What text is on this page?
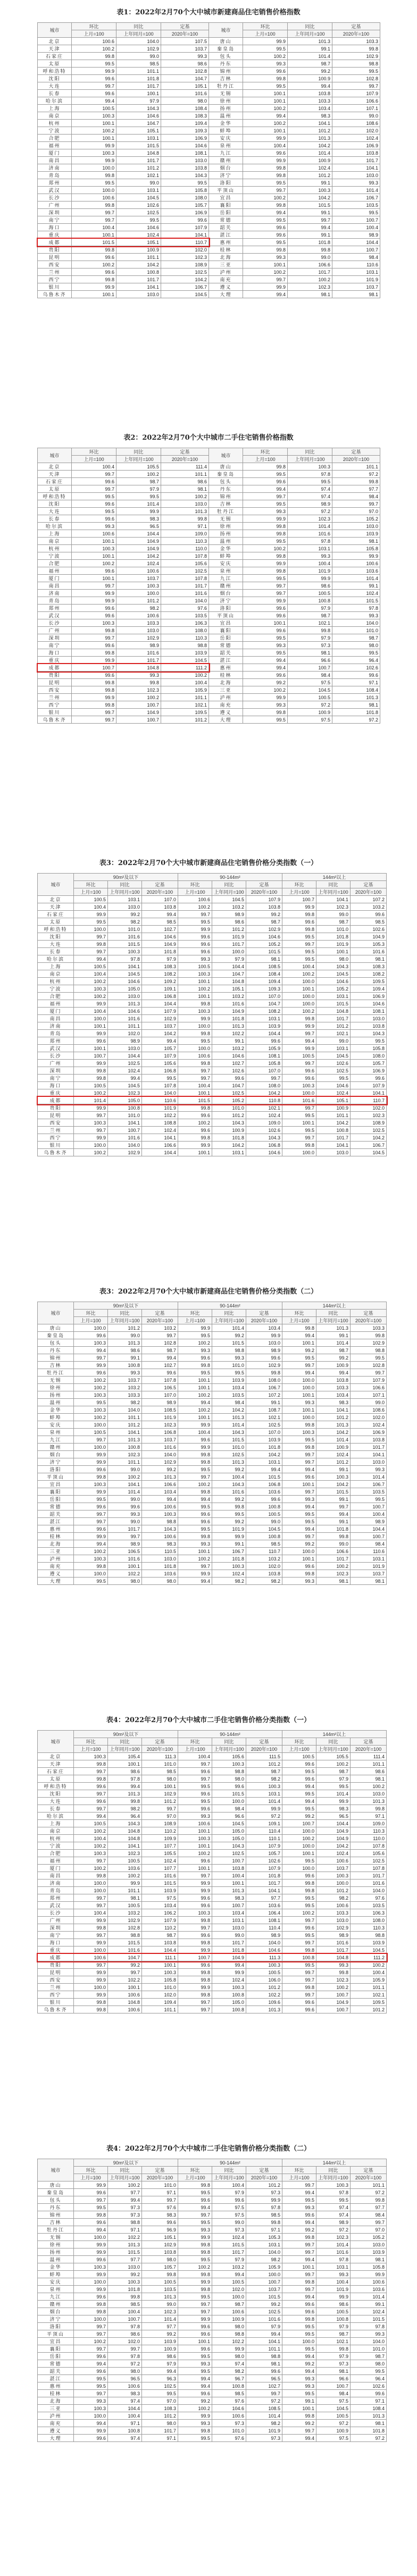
表1：2022年2月70个大中城市新建商品住宅销售价格指数
城市	环比	同比	定基	城市	环比	同比	定基
	上月=100	上年同月=100	2020年=100		上月=100	上年同月=100	2020年=100
北京	100.6	104.0	107.5	唐山	99.9	101.3	103.3
天津	100.2	102.9	103.7	秦皇岛	99.5	99.1	99.8
石家庄	99.8	99.0	99.3	包头	100.2	101.4	102.9
太原	99.5	98.5	98.6	丹东	99.3	98.7	98.8
呼和浩特	99.9	101.1	102.8	锦州	99.6	99.2	99.5
沈阳	99.6	101.8	104.7	吉林	99.8	100.9	102.8
大连	99.7	101.7	105.1	牡丹江	99.5	99.4	99.7
长春	99.6	100.1	101.6	无锡	100.1	103.8	107.9
哈尔滨	99.4	97.9	98.0	徐州	100.1	103.3	106.6
上海	100.5	104.3	108.4	扬州	100.2	103.4	107.1
南京	100.3	104.6	108.3	温州	99.4	98.3	99.0
杭州	100.1	104.7	109.4	金华	100.2	104.1	108.6
宁波	100.2	105.1	109.3	蚌埠	100.1	101.2	102.0
合肥	100.1	103.1	106.9	安庆	99.9	101.3	102.4
福州	99.9	101.5	104.6	泉州	100.4	104.2	106.9
厦门	100.3	104.8	108.1	九江	99.6	101.4	103.8
南昌	99.9	101.7	103.0	赣州	99.9	100.9	101.7
济南	100.0	101.2	103.8	烟台	99.8	102.4	104.1
青岛	99.8	102.1	104.3	济宁	99.8	101.2	103.0
郑州	99.5	99.0	99.5	洛阳	99.5	99.1	99.3
武汉	100.0	103.1	105.8	平顶山	99.7	100.3	101.4
长沙	100.6	104.5	108.0	宜昌	100.2	104.2	106.7
广州	99.8	102.6	105.7	襄阳	99.8	101.5	103.5
深圳	99.7	102.5	106.9	岳阳	99.4	99.1	99.5
南宁	99.7	99.5	99.6	常德	99.5	99.7	100.7
海口	100.4	104.6	107.9	韶关	99.6	99.4	100.4
重庆	100.1	102.4	104.1	湛江	99.6	99.1	98.9
成都	101.5	105.1	110.7	惠州	99.5	101.8	104.4
贵阳	99.8	100.9	102.0	桂林	99.8	99.8	100.7
昆明	99.6	101.1	102.3	北海	99.3	99.0	98.4
西安	100.2	104.2	108.9	三亚	100.1	106.6	110.6
兰州	99.6	100.8	102.5	泸州	100.2	101.7	103.1
西宁	99.8	101.7	104.2	南充	99.7	100.2	101.9
银川	99.9	104.1	106.7	遵义	99.9	102.3	103.7
乌鲁木齐	100.1	103.0	104.5	大理	99.4	98.1	98.1
表2：2022年2月70个大中城市二手住宅销售价格指数
城市	环比	同比	定基	城市	环比	同比	定基
	上月=100	上年同月=100	2020年=100		上月=100	上年同月=100	2020年=100
北京	100.4	105.5	111.4	唐山	99.8	100.3	101.1
天津	99.7	100.2	101.1	秦皇岛	99.5	97.8	97.2
石家庄	99.6	98.7	98.6	包头	99.6	99.5	99.8
太原	99.7	97.9	98.1	丹东	99.4	97.4	97.7
呼和浩特	99.5	99.5	100.2	锦州	99.7	97.4	98.4
沈阳	99.6	101.4	103.0	吉林	99.5	98.9	99.7
大连	99.5	99.9	101.3	牡丹江	99.3	97.2	97.0
长春	99.6	98.3	99.8	无锡	99.9	102.3	105.2
哈尔滨	99.3	96.5	97.1	徐州	99.8	101.4	103.0
上海	100.6	104.4	109.0	扬州	99.8	101.6	103.9
南京	100.1	104.9	110.3	温州	99.5	97.8	98.1
杭州	100.3	104.9	110.0	金华	100.2	103.1	105.8
宁波	100.1	104.2	107.8	蚌埠	99.8	99.3	99.9
合肥	100.2	102.4	105.6	安庆	99.9	100.4	100.6
福州	99.6	100.6	102.5	泉州	99.8	101.9	103.6
厦门	100.1	103.7	107.8	九江	99.5	99.9	101.4
南昌	99.7	100.3	101.7	赣州	99.7	98.6	99.1
济南	99.9	100.0	101.6	烟台	99.7	100.5	102.4
青岛	99.9	101.2	104.0	济宁	99.9	100.8	101.5
郑州	99.6	98.2	97.6	洛阳	99.6	97.9	97.8
武汉	99.6	100.6	103.5	平顶山	99.6	98.7	99.3
长沙	100.3	103.3	106.3	宜昌	100.1	102.1	104.0
广州	99.8	103.0	108.0	襄阳	99.6	99.8	101.0
深圳	99.7	102.9	110.3	岳阳	99.5	97.9	98.7
南宁	99.6	98.9	98.8	常德	99.3	97.3	98.0
海口	99.8	101.6	103.9	韶关	99.5	98.1	99.5
重庆	99.9	101.7	104.5	湛江	99.4	96.6	96.4
成都	100.7	104.8	111.2	惠州	99.4	100.7	102.6
贵阳	99.6	99.3	100.2	桂林	99.6	98.4	99.6
昆明	99.8	99.8	100.4	北海	99.2	97.5	97.1
西安	99.8	102.3	105.9	三亚	100.2	104.5	108.4
兰州	99.9	100.2	101.1	泸州	99.9	100.5	101.3
西宁	99.8	100.7	102.1	南充	99.3	97.2	98.1
银川	99.7	104.9	109.5	遵义	99.8	100.9	101.8
乌鲁木齐	99.7	100.7	101.2	大理	99.5	97.5	97.2
表3：2022年2月70个大中城市新建商品住宅销售价格分类指数（一）
城市	90m²及以下			90-144m²			144m²以上		
	环比	同比	定基	环比	同比	定基	环比	同比	定基
	上月=100	上年同月=100	2020年=100	上月=100	上年同月=100	2020年=100	上月=100	上年同月=100	2020年=100
北京	100.5	103.1	107.0	100.6	104.5	107.9	100.7	104.1	107.2
天津	100.4	103.0	103.8	100.2	103.2	103.8	99.9	102.3	103.2
石家庄	99.9	99.2	99.4	99.7	98.9	99.2	99.8	99.0	99.6
太原	99.5	98.2	98.5	99.5	98.6	98.7	99.6	98.7	98.5
呼和浩特	100.0	101.0	102.7	99.9	101.2	102.9	99.8	101.0	102.6
沈阳	99.7	101.6	104.6	99.6	101.9	104.6	99.5	101.8	104.9
大连	99.8	101.5	104.9	99.6	101.7	105.2	99.7	101.9	105.3
长春	99.7	100.3	101.8	99.6	100.0	101.5	99.5	100.1	101.6
哈尔滨	99.4	97.8	97.9	99.3	97.9	98.1	99.5	98.0	98.1
上海	100.5	104.1	108.3	100.5	104.4	108.5	100.4	104.3	108.3
南京	100.4	104.5	108.2	100.3	104.7	108.4	100.2	104.5	108.2
杭州	100.2	104.6	109.2	100.1	104.8	109.4	100.0	104.6	109.5
宁波	100.3	105.0	109.1	100.2	105.1	109.3	100.1	105.2	109.4
合肥	100.2	103.0	106.8	100.1	103.2	107.0	100.0	103.1	106.9
福州	99.9	101.3	104.4	99.8	101.6	104.7	100.0	101.5	104.6
厦门	100.4	104.6	107.9	100.3	104.9	108.2	100.2	104.8	108.1
南昌	100.0	101.6	102.9	99.9	101.8	103.1	99.8	101.7	103.0
济南	100.1	101.1	103.7	100.0	101.3	103.9	99.9	101.2	103.8
青岛	99.9	102.0	104.2	99.8	102.2	104.4	99.7	102.1	104.3
郑州	99.6	98.9	99.4	99.5	99.1	99.6	99.4	99.0	99.5
武汉	100.1	103.0	105.7	100.0	103.2	105.9	99.9	103.1	105.8
长沙	100.7	104.4	107.9	100.6	104.6	108.1	100.5	104.5	108.0
广州	99.9	102.5	105.6	99.8	102.7	105.8	99.7	102.6	105.7
深圳	99.8	102.4	106.8	99.7	102.6	107.0	99.6	102.5	106.9
南宁	99.8	99.4	99.5	99.7	99.6	99.7	99.6	99.5	99.6
海口	100.5	104.5	107.8	100.4	104.7	108.0	100.3	104.6	107.9
重庆	100.2	102.3	104.0	100.1	102.5	104.2	100.0	102.4	104.1
成都	101.4	105.0	110.6	101.5	105.2	110.8	101.6	105.1	110.7
贵阳	99.9	100.8	101.9	99.8	101.0	102.1	99.7	100.9	102.0
昆明	99.7	101.0	102.2	99.6	101.2	102.4	99.5	101.1	102.3
西安	100.3	104.1	108.8	100.2	104.3	109.0	100.1	104.2	108.9
兰州	99.7	100.7	102.4	99.6	100.9	102.6	99.5	100.8	102.5
西宁	99.9	101.6	104.1	99.8	101.8	104.3	99.7	101.7	104.2
银川	100.0	104.0	106.6	99.9	104.2	106.8	99.8	104.1	106.7
乌鲁木齐	100.2	102.9	104.4	100.1	103.1	104.6	100.0	103.0	104.5
表3：2022年2月70个大中城市新建商品住宅销售价格分类指数（二）
城市	90m²及以下			90-144m²			144m²以上		
	环比	同比	定基	环比	同比	定基	环比	同比	定基
	上月=100	上年同月=100	2020年=100	上月=100	上年同月=100	2020年=100	上月=100	上年同月=100	2020年=100
唐山	100.0	101.2	103.2	99.9	101.4	103.4	99.8	101.3	103.3
秦皇岛	99.6	99.0	99.7	99.5	99.2	99.9	99.4	99.1	99.8
包头	100.3	101.3	102.8	100.2	101.5	103.0	100.1	101.4	102.9
丹东	99.4	98.6	98.7	99.3	98.8	98.9	99.2	98.7	98.8
锦州	99.7	99.1	99.4	99.6	99.3	99.6	99.5	99.2	99.5
吉林	99.9	100.8	102.7	99.8	101.0	102.9	99.7	100.9	102.8
牡丹江	99.6	99.3	99.6	99.5	99.5	99.8	99.4	99.4	99.7
无锡	100.2	103.7	107.8	100.1	103.9	108.0	100.0	103.8	107.9
徐州	100.2	103.2	106.5	100.1	103.4	106.7	100.0	103.3	106.6
扬州	100.3	103.3	107.0	100.2	103.5	107.2	100.1	103.4	107.1
温州	99.5	98.2	98.9	99.4	98.4	99.1	99.3	98.3	99.0
金华	100.3	104.0	108.5	100.2	104.2	108.7	100.1	104.1	108.6
蚌埠	100.2	101.1	101.9	100.1	101.3	102.1	100.0	101.2	102.0
安庆	100.0	101.2	102.3	99.9	101.4	102.5	99.8	101.3	102.4
泉州	100.5	104.1	106.8	100.4	104.3	107.0	100.3	104.2	106.9
九江	99.7	101.3	103.7	99.6	101.5	103.9	99.5	101.4	103.8
赣州	100.0	100.8	101.6	99.9	101.0	101.8	99.8	100.9	101.7
烟台	99.9	102.3	104.0	99.8	102.5	104.2	99.7	102.4	104.1
济宁	99.9	101.1	102.9	99.8	101.3	103.1	99.7	101.2	103.0
洛阳	99.6	99.0	99.2	99.5	99.2	99.4	99.4	99.1	99.3
平顶山	99.8	100.2	101.3	99.7	100.4	101.5	99.6	100.3	101.4
宜昌	100.3	104.1	106.6	100.2	104.3	106.8	100.1	104.2	106.7
襄阳	99.9	101.4	103.4	99.8	101.6	103.6	99.7	101.5	103.5
岳阳	99.5	99.0	99.4	99.4	99.2	99.6	99.3	99.1	99.5
常德	99.6	99.6	100.6	99.5	99.8	100.8	99.4	99.7	100.7
韶关	99.7	99.3	100.3	99.6	99.5	100.5	99.5	99.4	100.4
湛江	99.7	99.0	98.8	99.6	99.2	99.0	99.5	99.1	98.9
惠州	99.6	101.7	104.3	99.5	101.9	104.5	99.4	101.8	104.4
桂林	99.9	99.7	100.6	99.8	99.9	100.8	99.7	99.8	100.7
北海	99.4	98.9	98.3	99.3	99.1	98.5	99.2	99.0	98.4
三亚	100.2	106.5	110.5	100.1	106.7	110.7	100.0	106.6	110.6
泸州	100.3	101.6	103.0	100.2	101.8	103.2	100.1	101.7	103.1
南充	99.8	100.1	101.8	99.7	100.3	102.0	99.6	100.2	101.9
遵义	100.0	102.2	103.6	99.9	102.4	103.8	99.8	102.3	103.7
大理	99.5	98.0	98.0	99.4	98.2	98.2	99.3	98.1	98.1
表4：2022年2月70个大中城市二手住宅销售价格分类指数（一）
城市	90m²及以下			90-144m²			144m²以上		
	环比	同比	定基	环比	同比	定基	环比	同比	定基
	上月=100	上年同月=100	2020年=100	上月=100	上年同月=100	2020年=100	上月=100	上年同月=100	2020年=100
北京	100.3	105.4	111.3	100.4	105.6	111.5	100.5	105.5	111.4
天津	99.8	100.1	101.0	99.7	100.3	101.2	99.6	100.2	101.1
石家庄	99.7	98.6	98.5	99.6	98.8	98.7	99.5	98.7	98.6
太原	99.8	97.8	98.0	99.7	98.0	98.2	99.6	97.9	98.1
呼和浩特	99.6	99.4	100.1	99.5	99.6	100.3	99.4	99.5	100.2
沈阳	99.7	101.3	102.9	99.6	101.5	103.1	99.5	101.4	103.0
大连	99.6	99.8	101.2	99.5	100.0	101.4	99.4	99.9	101.3
长春	99.7	98.2	99.7	99.6	98.4	99.9	99.5	98.3	99.8
哈尔滨	99.4	96.4	97.0	99.3	96.6	97.2	99.2	96.5	97.1
上海	100.5	104.3	108.9	100.6	104.5	109.1	100.7	104.4	109.0
南京	100.2	104.8	110.2	100.1	105.0	110.4	100.0	104.9	110.3
杭州	100.4	104.8	109.9	100.3	105.0	110.1	100.2	104.9	110.0
宁波	100.2	104.1	107.7	100.1	104.3	107.9	100.0	104.2	107.8
合肥	100.3	102.3	105.5	100.2	102.5	105.7	100.1	102.4	105.6
福州	99.7	100.5	102.4	99.6	100.7	102.6	99.5	100.6	102.5
厦门	100.2	103.6	107.7	100.1	103.8	107.9	100.0	103.7	107.8
南昌	99.8	100.2	101.6	99.7	100.4	101.8	99.6	100.3	101.7
济南	100.0	99.9	101.5	99.9	100.1	101.7	99.8	100.0	101.6
青岛	100.0	101.1	103.9	99.9	101.3	104.1	99.8	101.2	104.0
郑州	99.7	98.1	97.5	99.6	98.3	97.7	99.5	98.2	97.6
武汉	99.7	100.5	103.4	99.6	100.7	103.6	99.5	100.6	103.5
长沙	100.4	103.2	106.2	100.3	103.4	106.4	100.2	103.3	106.3
广州	99.9	102.9	107.9	99.8	103.1	108.1	99.7	103.0	108.0
深圳	99.8	102.8	110.2	99.7	103.0	110.4	99.6	102.9	110.3
南宁	99.7	98.8	98.7	99.6	99.0	98.9	99.5	98.9	98.8
海口	99.9	101.5	103.8	99.8	101.7	104.0	99.7	101.6	103.9
重庆	100.0	101.6	104.4	99.9	101.8	104.6	99.8	101.7	104.5
成都	100.6	104.7	111.1	100.7	104.9	111.3	100.8	104.8	111.2
贵阳	99.7	99.2	100.1	99.6	99.4	100.3	99.5	99.3	100.2
昆明	99.9	99.7	100.3	99.8	99.9	100.5	99.7	99.8	100.4
西安	99.9	102.2	105.8	99.8	102.4	106.0	99.7	102.3	105.9
兰州	100.0	100.1	101.0	99.9	100.3	101.2	99.8	100.2	101.1
西宁	99.9	100.6	102.0	99.8	100.8	102.2	99.7	100.7	102.1
银川	99.8	104.8	109.4	99.7	105.0	109.6	99.6	104.9	109.5
乌鲁木齐	99.8	100.6	101.1	99.7	100.8	101.3	99.6	100.7	101.2
表4：2022年2月70个大中城市二手住宅销售价格分类指数（二）
城市	90m²及以下			90-144m²			144m²以上		
	环比	同比	定基	环比	同比	定基	环比	同比	定基
	上月=100	上年同月=100	2020年=100	上月=100	上年同月=100	2020年=100	上月=100	上年同月=100	2020年=100
唐山	99.9	100.2	101.0	99.8	100.4	101.2	99.7	100.3	101.1
秦皇岛	99.6	97.7	97.1	99.5	97.9	97.3	99.4	97.8	97.2
包头	99.7	99.4	99.7	99.6	99.6	99.9	99.5	99.5	99.8
丹东	99.5	97.3	97.6	99.4	97.5	97.8	99.3	97.4	97.7
锦州	99.8	97.3	98.3	99.7	97.5	98.5	99.6	97.4	98.4
吉林	99.6	98.8	99.6	99.5	99.0	99.8	99.4	98.9	99.7
牡丹江	99.4	97.1	96.9	99.3	97.3	97.1	99.2	97.2	97.0
无锡	100.0	102.2	105.1	99.9	102.4	105.3	99.8	102.3	105.2
徐州	99.9	101.3	102.9	99.8	101.5	103.1	99.7	101.4	103.0
扬州	99.9	101.5	103.8	99.8	101.7	104.0	99.7	101.6	103.9
温州	99.6	97.7	98.0	99.5	97.9	98.2	99.4	97.8	98.1
金华	100.3	103.0	105.7	100.2	103.2	105.9	100.1	103.1	105.8
蚌埠	99.9	99.2	99.8	99.8	99.4	100.0	99.7	99.3	99.9
安庆	100.0	100.3	100.5	99.9	100.5	100.7	99.8	100.4	100.6
泉州	99.9	101.8	103.5	99.8	102.0	103.7	99.7	101.9	103.6
九江	99.6	99.8	101.3	99.5	100.0	101.5	99.4	99.9	101.4
赣州	99.8	98.5	99.0	99.7	98.7	99.2	99.6	98.6	99.1
烟台	99.8	100.4	102.3	99.7	100.6	102.5	99.6	100.5	102.4
济宁	100.0	100.7	101.4	99.9	100.9	101.6	99.8	100.8	101.5
洛阳	99.7	97.8	97.7	99.6	98.0	97.9	99.5	97.9	97.8
平顶山	99.7	98.6	99.2	99.6	98.8	99.4	99.5	98.7	99.3
宜昌	100.2	102.0	103.9	100.1	102.2	104.1	100.0	102.1	104.0
襄阳	99.7	99.7	100.9	99.6	99.9	101.1	99.5	99.8	101.0
岳阳	99.6	97.8	98.6	99.5	98.0	98.8	99.4	97.9	98.7
常德	99.4	97.2	97.9	99.3	97.4	98.1	99.2	97.3	98.0
韶关	99.6	98.0	99.4	99.5	98.2	99.6	99.4	98.1	99.5
湛江	99.5	96.5	96.3	99.4	96.7	96.5	99.3	96.6	96.4
惠州	99.5	100.6	102.5	99.4	100.8	102.7	99.3	100.7	102.6
桂林	99.7	98.3	99.5	99.6	98.5	99.7	99.5	98.4	99.6
北海	99.3	97.4	97.0	99.2	97.6	97.2	99.1	97.5	97.1
三亚	100.3	104.4	108.3	100.2	104.6	108.5	100.1	104.5	108.4
泸州	100.0	100.4	101.2	99.9	100.6	101.4	99.8	100.5	101.3
南充	99.4	97.1	98.0	99.3	97.3	98.2	99.2	97.2	98.1
遵义	99.9	100.8	101.7	99.8	101.0	101.9	99.7	100.9	101.8
大理	99.6	97.4	97.1	99.5	97.6	97.3	99.4	97.5	97.2
